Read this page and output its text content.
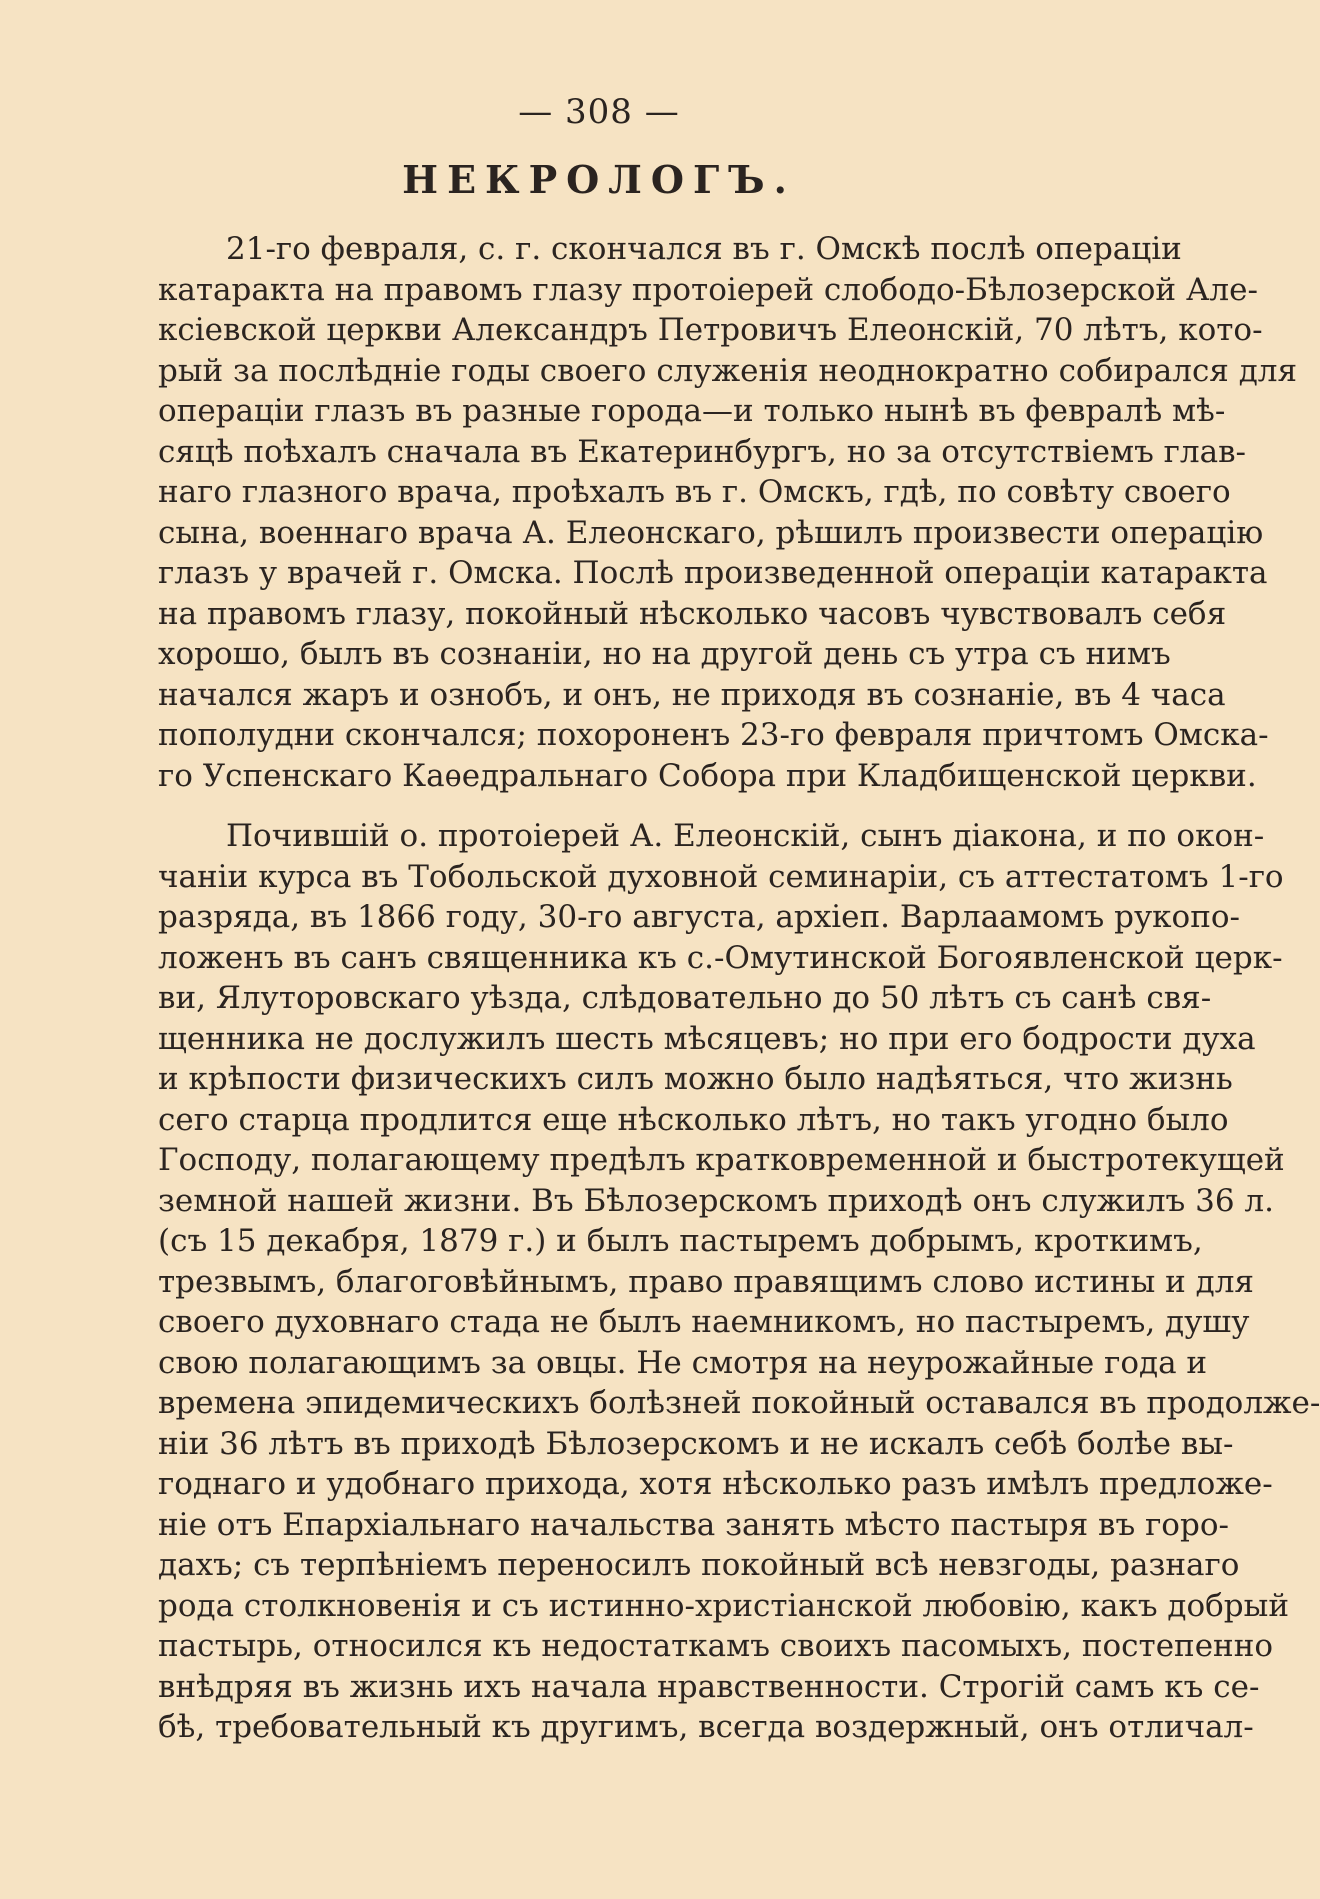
— 308 —
НЕКРОЛОГЪ.
21-го февраля, с. г. скончался въ г. Омскѣ послѣ операціи
катаракта на правомъ глазу протоіерей слободо-Бѣлозерской Але-
ксіевской церкви Александръ Петровичъ Елеонскій, 70 лѣтъ, кото-
рый за послѣдніе годы своего служенія неоднократно собирался для
операціи глазъ въ разные города—и только нынѣ въ февралѣ мѣ-
сяцѣ поѣхалъ сначала въ Екатеринбургъ, но за отсутствіемъ глав-
наго глазного врача, проѣхалъ въ г. Омскъ, гдѣ, по совѣту своего
сына, военнаго врача А. Елеонскаго, рѣшилъ произвести операцію
глазъ у врачей г. Омска. Послѣ произведенной операціи катаракта
на правомъ глазу, покойный нѣсколько часовъ чувствовалъ себя
хорошо, былъ въ сознаніи, но на другой день съ утра съ нимъ
начался жаръ и ознобъ, и онъ, не приходя въ сознаніе, въ 4 часа
пополудни скончался; похороненъ 23-го февраля причтомъ Омска-
го Успенскаго Каѳедральнаго Собора при Кладбищенской церкви.
Почившій о. протоіерей А. Елеонскій, сынъ діакона, и по окон-
чаніи курса въ Тобольской духовной семинаріи, съ аттестатомъ 1-го
разряда, въ 1866 году, 30-го августа, архіеп. Варлаамомъ рукопо-
ложенъ въ санъ священника къ с.-Омутинской Богоявленской церк-
ви, Ялуторовскаго уѣзда, слѣдовательно до 50 лѣтъ съ санѣ свя-
щенника не дослужилъ шесть мѣсяцевъ; но при его бодрости духа
и крѣпости физическихъ силъ можно было надѣяться, что жизнь
сего старца продлится еще нѣсколько лѣтъ, но такъ угодно было
Господу, полагающему предѣлъ кратковременной и быстротекущей
земной нашей жизни. Въ Бѣлозерскомъ приходѣ онъ служилъ 36 л.
(съ 15 декабря, 1879 г.) и былъ пастыремъ добрымъ, кроткимъ,
трезвымъ, благоговѣйнымъ, право правящимъ слово истины и для
своего духовнаго стада не былъ наемникомъ, но пастыремъ, душу
свою полагающимъ за овцы. Не смотря на неурожайные года и
времена эпидемическихъ болѣзней покойный оставался въ продолже-
ніи 36 лѣтъ въ приходѣ Бѣлозерскомъ и не искалъ себѣ болѣе вы-
годнаго и удобнаго прихода, хотя нѣсколько разъ имѣлъ предложе-
ніе отъ Епархіальнаго начальства занять мѣсто пастыря въ горо-
дахъ; съ терпѣніемъ переносилъ покойный всѣ невзгоды, разнаго
рода столкновенія и съ истинно-христіанской любовію, какъ добрый
пастырь, относился къ недостаткамъ своихъ пасомыхъ, постепенно
внѣдряя въ жизнь ихъ начала нравственности. Строгій самъ къ се-
бѣ, требовательный къ другимъ, всегда воздержный, онъ отличал-
